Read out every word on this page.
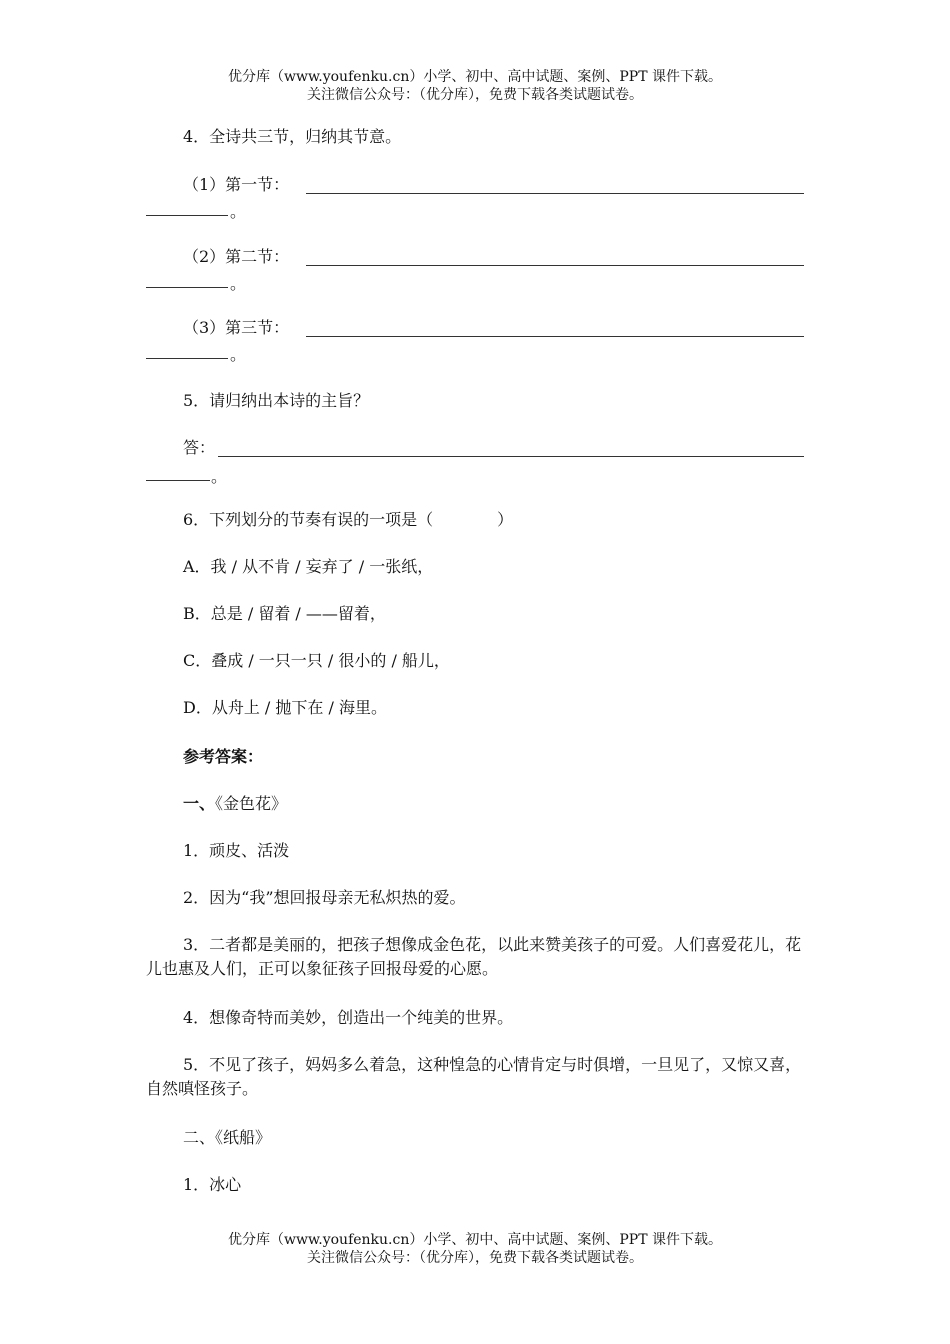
优分库（www.youfenku.cn）小学、初中、高中试题、案例、PPT 课件下载。
关注微信公众号：（优分库），免费下载各类试题试卷。
4．全诗共三节，归纳其节意。
（1）第一节：
。
（2）第二节：
。
（3）第三节：
。
5．请归纳出本诗的主旨？
答：
。
6．下列划分的节奏有误的一项是（　　　　）
A．我 / 从不肯 / 妄弃了 / 一张纸，
B．总是 / 留着 / ——留着，
C．叠成 / 一只一只 / 很小的 / 船儿，
D．从舟上 / 抛下在 / 海里。
参考答案：
一、《金色花》
1．顽皮、活泼
2．因为“我”想回报母亲无私炽热的爱。
3．二者都是美丽的，把孩子想像成金色花，以此来赞美孩子的可爱。人们喜爱花儿，花儿也惠及人们，正可以象征孩子回报母爱的心愿。
4．想像奇特而美妙，创造出一个纯美的世界。
5．不见了孩子，妈妈多么着急，这种惶急的心情肯定与时俱增，一旦见了，又惊又喜，自然嗔怪孩子。
二、《纸船》
1．冰心
优分库（www.youfenku.cn）小学、初中、高中试题、案例、PPT 课件下载。
关注微信公众号：（优分库），免费下载各类试题试卷。
